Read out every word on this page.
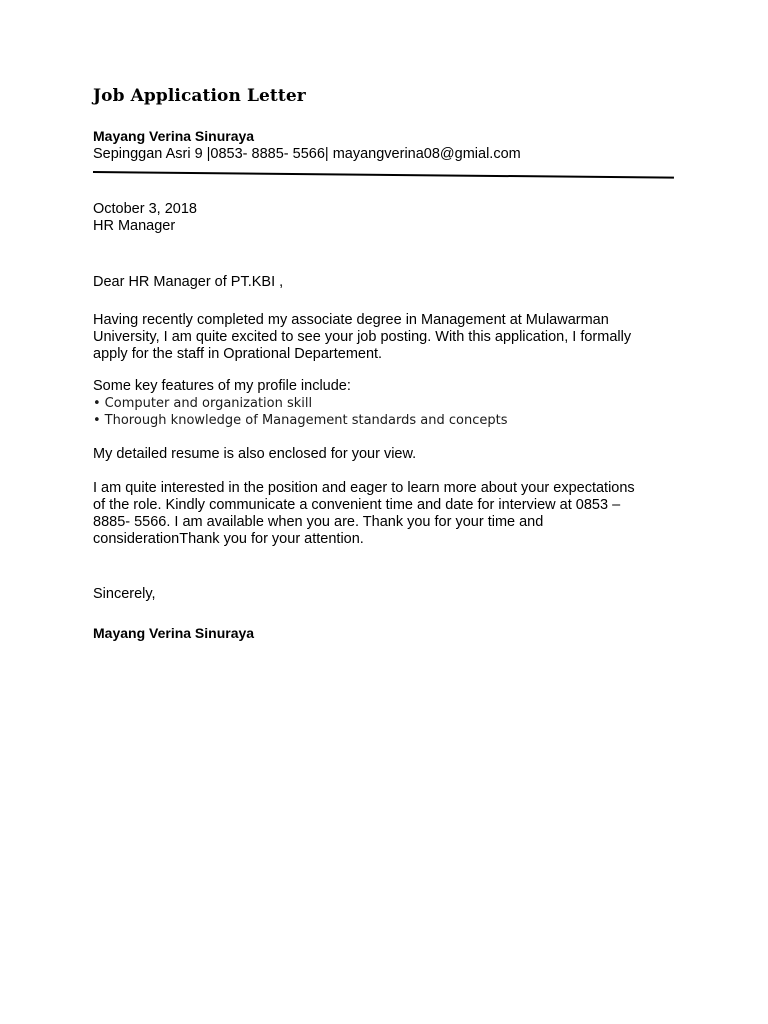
Job Application Letter
Mayang Verina Sinuraya
Sepinggan Asri 9 |0853- 8885- 5566| mayangverina08@gmial.com
October 3, 2018
HR Manager
Dear HR Manager of PT.KBI ,
Having recently completed my associate degree in Management at Mulawarman
University, I am quite excited to see your job posting. With this application, I formally
apply for the staff in Oprational Departement.
Some key features of my profile include:
• Computer and organization skill
• Thorough knowledge of Management standards and concepts
My detailed resume is also enclosed for your view.
I am quite interested in the position and eager to learn more about your expectations
of the role. Kindly communicate a convenient time and date for interview at 0853 –
8885- 5566. I am available when you are. Thank you for your time and
considerationThank you for your attention.
Sincerely,
Mayang Verina Sinuraya
